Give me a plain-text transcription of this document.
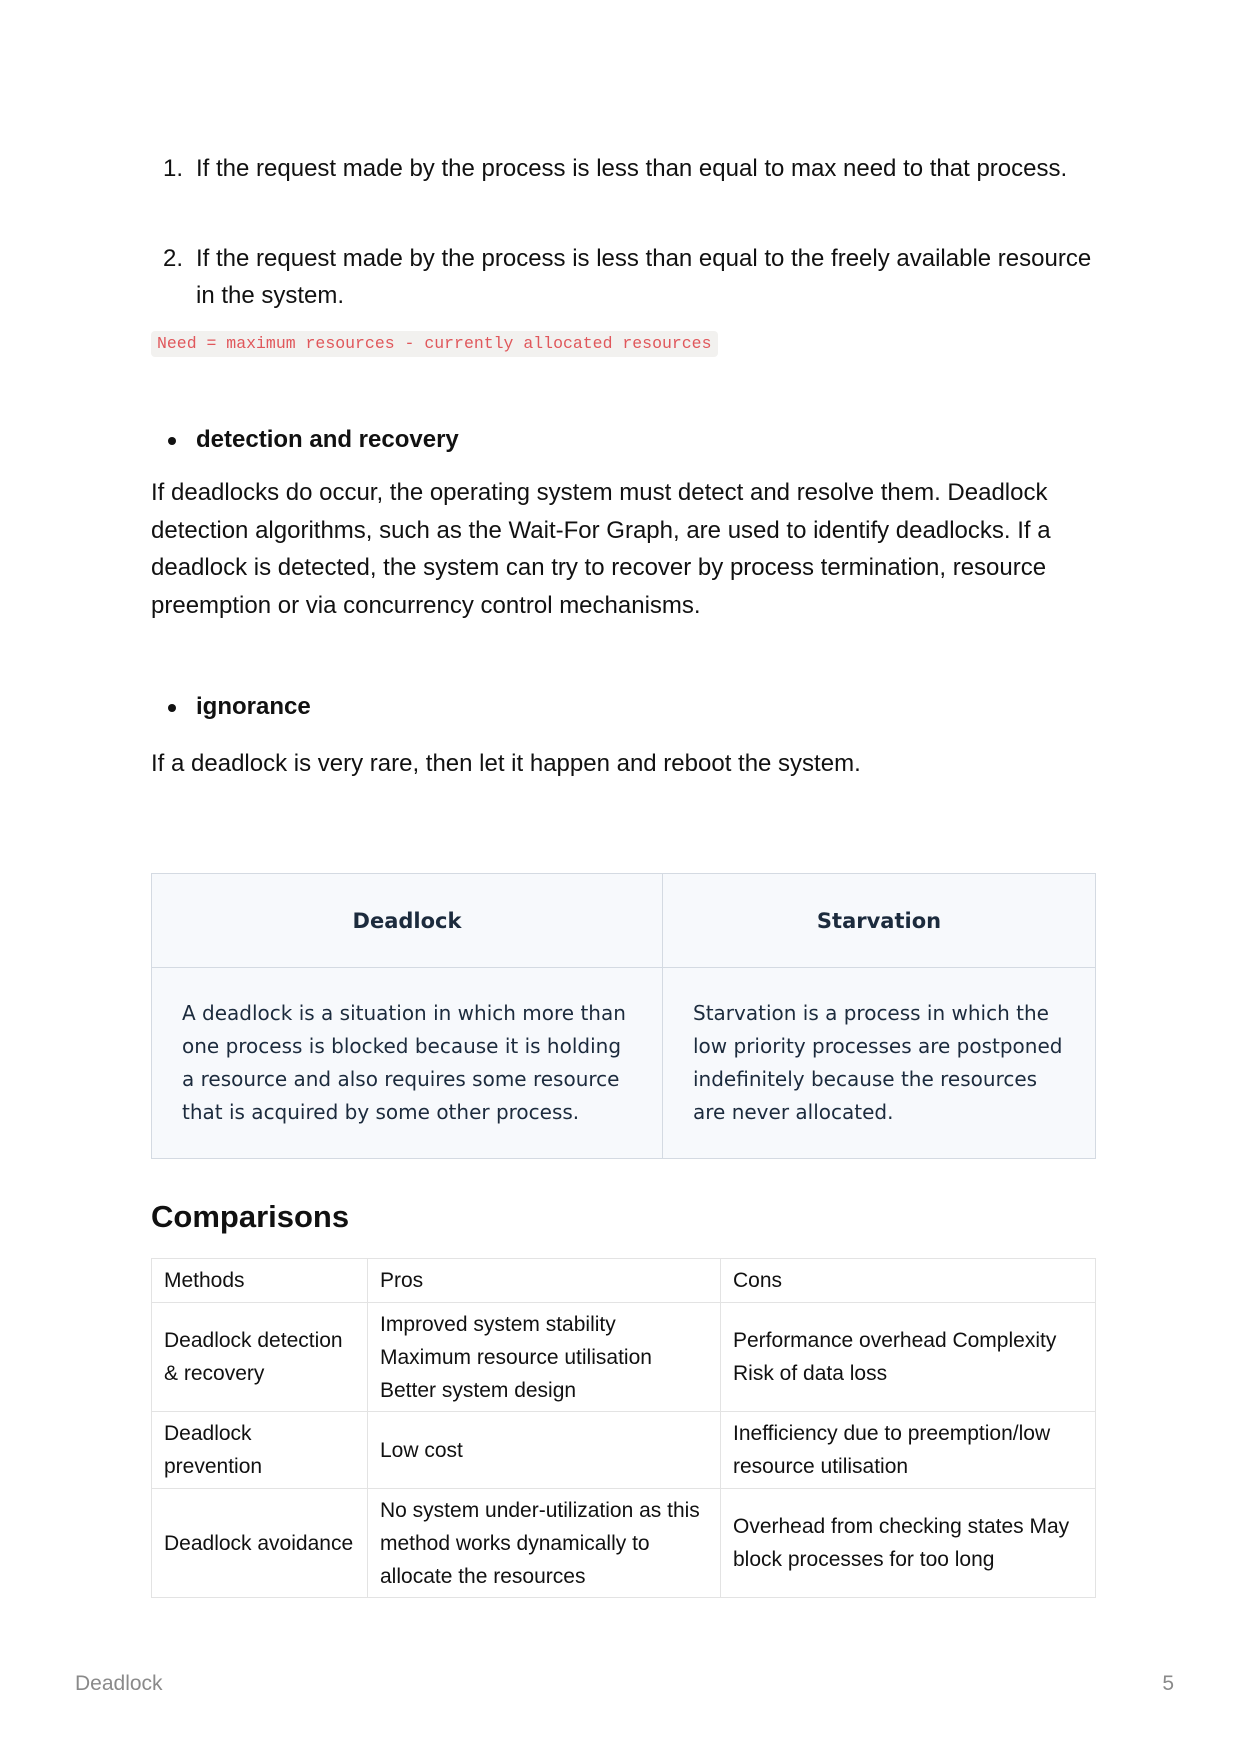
1. If the request made by the process is less than equal to max need to that process.
2. If the request made by the process is less than equal to the freely available resource in the system.
Need = maximum resources - currently allocated resources
detection and recovery

If deadlocks do occur, the operating system must detect and resolve them. Deadlock detection algorithms, such as the Wait-For Graph, are used to identify deadlocks. If a deadlock is detected, the system can try to recover by process termination, resource preemption or via concurrency control mechanisms.

ignorance

If a deadlock is very rare, then let it happen and reboot the system.

Deadlock	Starvation
A deadlock is a situation in which more than one process is blocked because it is holding a resource and also requires some resource that is acquired by some other process.	Starvation is a process in which the low priority processes are postponed indefinitely because the resources are never allocated.
Comparisons
Methods	Pros	Cons
Deadlock detection & recovery	Improved system stability Maximum resource utilisation Better system design	Performance overhead Complexity Risk of data loss
Deadlock prevention	Low cost	Inefficiency due to preemption/low resource utilisation
Deadlock avoidance	No system under-utilization as this method works dynamically to allocate the resources	Overhead from checking states May block processes for too long
Deadlock	5
